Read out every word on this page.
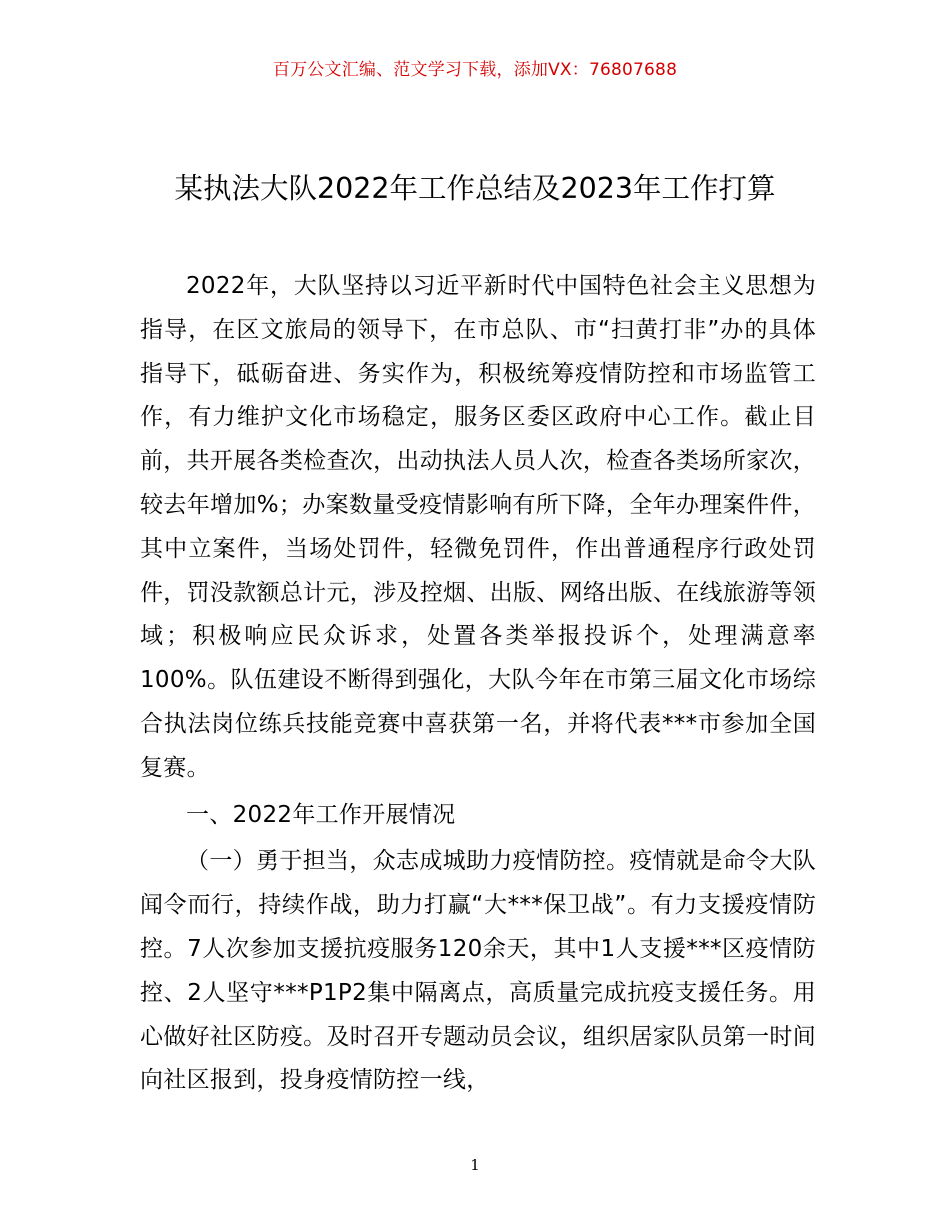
百万公文汇编、范文学习下载，添加VX：76807688
某执法大队2022年工作总结及2023年工作打算

2022年，大队坚持以习近平新时代中国特色社会主义思想为指导，在区文旅局的领导下，在市总队、市“扫黄打非”办的具体指导下，砥砺奋进、务实作为，积极统筹疫情防控和市场监管工作，有力维护文化市场稳定，服务区委区政府中心工作。截止目前，共开展各类检查次，出动执法人员人次，检查各类场所家次，较去年增加%；办案数量受疫情影响有所下降，全年办理案件件，其中立案件，当场处罚件，轻微免罚件，作出普通程序行政处罚件，罚没款额总计元，涉及控烟、出版、网络出版、在线旅游等领域；积极响应民众诉求，处置各类举报投诉个，处理满意率100%。队伍建设不断得到强化，大队今年在市第三届文化市场综合执法岗位练兵技能竞赛中喜获第一名，并将代表***市参加全国复赛。

一、2022年工作开展情况

（一）勇于担当，众志成城助力疫情防控。疫情就是命令大队闻令而行，持续作战，助力打赢“大***保卫战”。有力支援疫情防控。7人次参加支援抗疫服务120余天，其中1人支援***区疫情防控、2人坚守***P1P2集中隔离点，高质量完成抗疫支援任务。用心做好社区防疫。及时召开专题动员会议，组织居家队员第一时间向社区报到，投身疫情防控一线，

1
